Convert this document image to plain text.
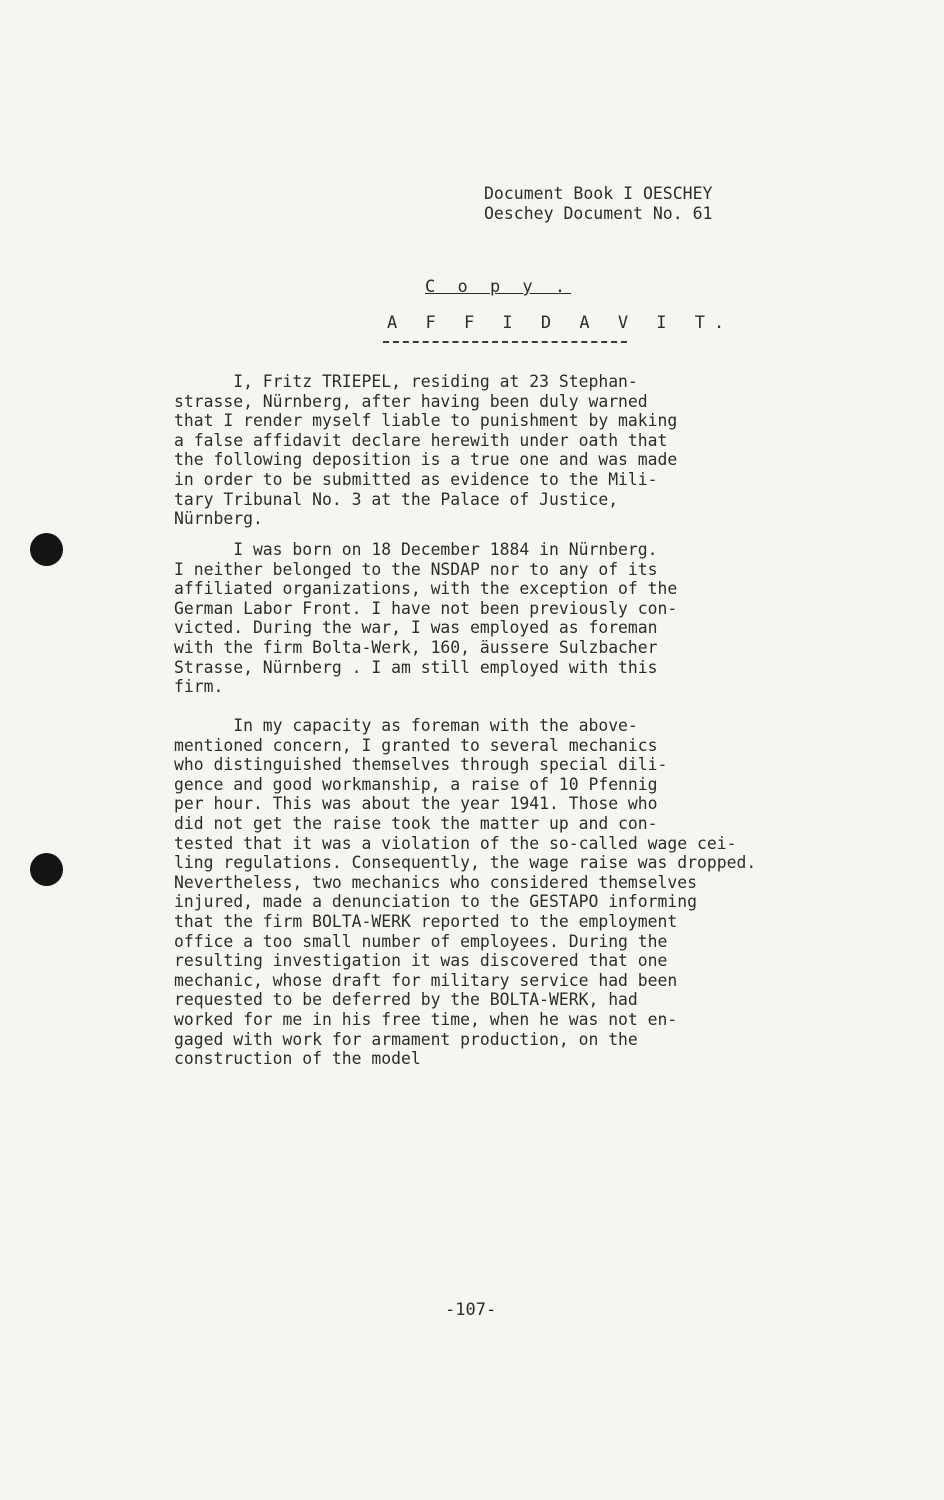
Document Book I OESCHEY
Oeschey Document No. 61
C o p y .
A F F I D A V I T.

I, Fritz TRIEPEL, residing at 23 Stephan-
strasse, Nürnberg, after having been duly warned
that I render myself liable to punishment by making
a false affidavit declare herewith under oath that
the following deposition is a true one and was made
in order to be submitted as evidence to the Mili-
tary Tribunal No. 3 at the Palace of Justice,
Nürnberg.

I was born on 18 December 1884 in Nürnberg.
I neither belonged to the NSDAP nor to any of its
affiliated organizations, with the exception of the
German Labor Front. I have not been previously con-
victed. During the war, I was employed as foreman
with the firm Bolta-Werk, 160, äussere Sulzbacher
Strasse, Nürnberg . I am still employed with this
firm.

In my capacity as foreman with the above-
mentioned concern, I granted to several mechanics
who distinguished themselves through special dili-
gence and good workmanship, a raise of 10 Pfennig
per hour. This was about the year 1941. Those who
did not get the raise took the matter up and con-
tested that it was a violation of the so-called wage cei-
ling regulations. Consequently, the wage raise was dropped.
Nevertheless, two mechanics who considered themselves
injured, made a denunciation to the GESTAPO informing
that the firm BOLTA-WERK reported to the employment
office a too small number of employees. During the
resulting investigation it was discovered that one
mechanic, whose draft for military service had been
requested to be deferred by the BOLTA-WERK, had
worked for me in his free time, when he was not en-
gaged with work for armament production, on the
construction of the model

-107-
